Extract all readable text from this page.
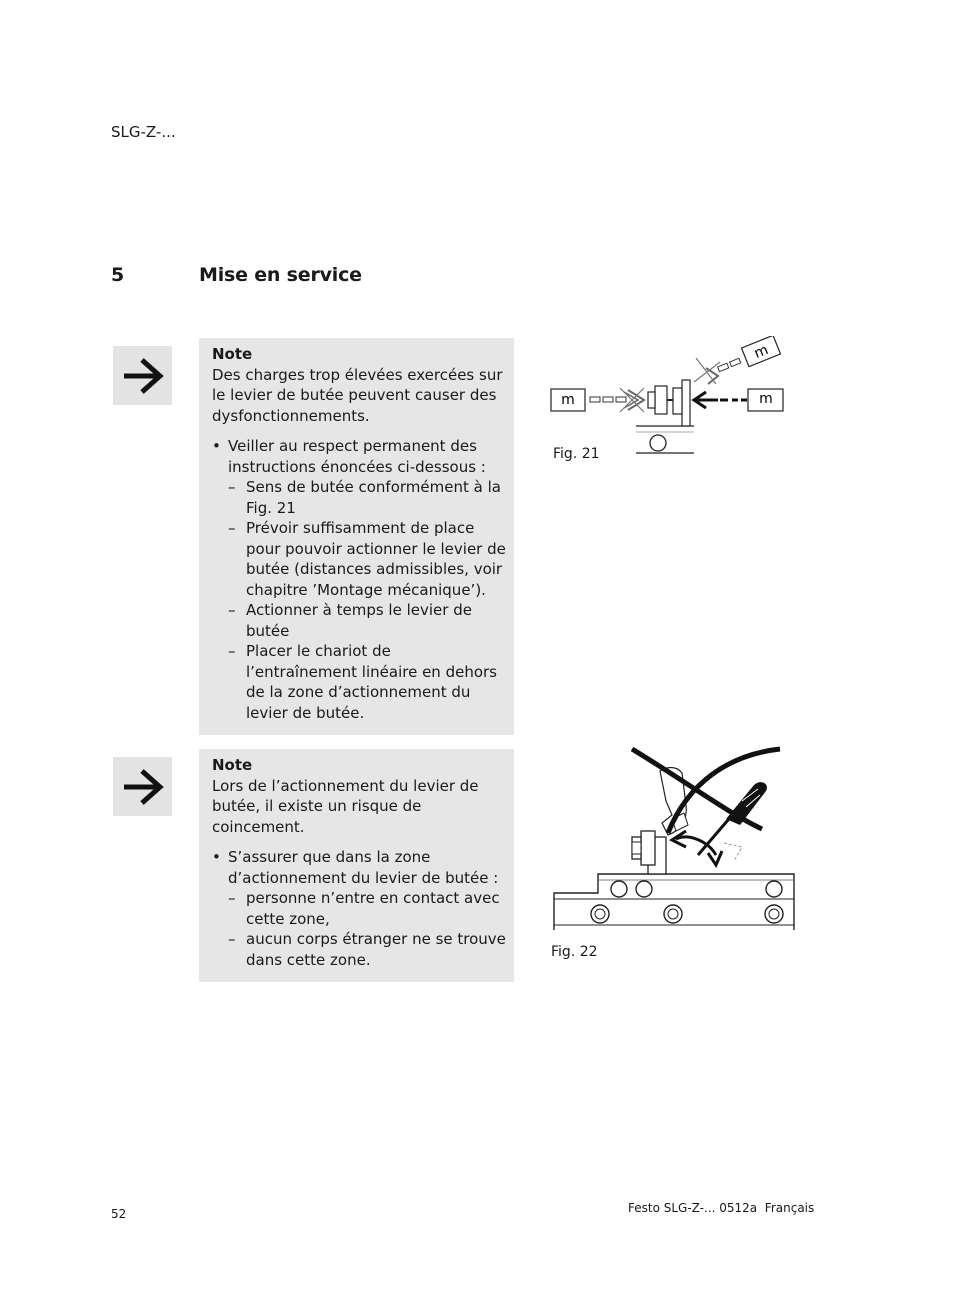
SLG-Z-...
5	Mise en service
Note

Des charges trop élevées exercées sur le levier de butée peuvent causer des dysfonctionnements.

• Veiller au respect permanent des instructions énoncées ci-dessous :
– Sens de butée conformément à la Fig. 21
– Prévoir suffisamment de place pour pouvoir actionner le levier de butée (distances admissibles, voir chapitre ’Montage mécanique’).
– Actionner à temps le levier de butée
– Placer le chariot de l’entraînement linéaire en dehors de la zone d’actionnement du levier de butée.
m	m
m
Fig. 21
Note

Lors de l’actionnement du levier de butée, il existe un risque de coincement.

• S’assurer que dans la zone d’actionnement du levier de butée :
– personne n’entre en contact avec cette zone,
– aucun corps étranger ne se trouve dans cette zone.	Fig. 22
52	Festo SLG-Z-... 0512a  Français
